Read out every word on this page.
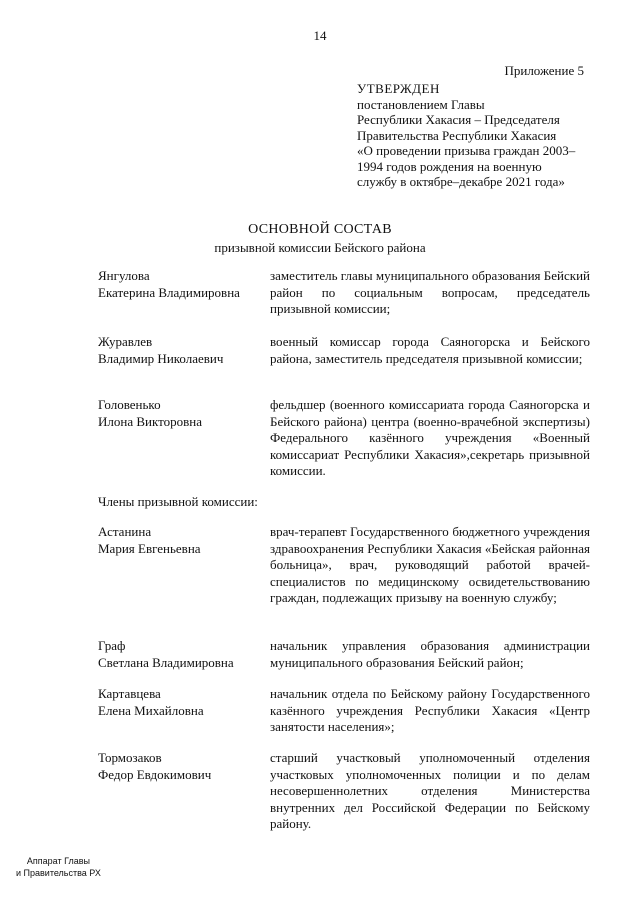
14
Приложение 5
УТВЕРЖДЕН
постановлением Главы
Республики Хакасия – Председателя
Правительства Республики Хакасия
«О проведении призыва граждан 2003–
1994 годов рождения на военную
службу в октябре–декабре 2021 года»
ОСНОВНОЙ СОСТАВ
призывной комиссии Бейского района
Янгулова
Екатерина Владимировна
заместитель главы муниципального образования Бейский район по социальным вопросам, председатель призывной комиссии;
Журавлев
Владимир Николаевич
военный комиссар города Саяногорска и Бейского района, заместитель председателя призывной комиссии;
Головенько
Илона Викторовна
фельдшер (военного комиссариата города Саяногорска и Бейского района) центра (военно-врачебной экспертизы) Федерального казённого учреждения «Военный комиссариат Республики Хакасия»,секретарь призывной комиссии.
Члены призывной комиссии:
Астанина
Мария Евгеньевна
врач-терапевт Государственного бюджетного учреждения здравоохранения Республики Хакасия «Бейская районная больница», врач, руководящий работой врачей-специалистов по медицинскому освидетельствованию граждан, подлежащих призыву на военную службу;
Граф
Светлана Владимировна
начальник управления образования администрации муниципального образования Бейский район;
Картавцева
Елена Михайловна
начальник отдела по Бейскому району Государственного казённого учреждения Республики Хакасия «Центр занятости населения»;
Тормозаков
Федор Евдокимович
старший участковый уполномоченный отделения участковых уполномоченных полиции и по делам несовершеннолетних отделения Министерства внутренних дел Российской Федерации по Бейскому району.
Аппарат Главы
и Правительства РХ
